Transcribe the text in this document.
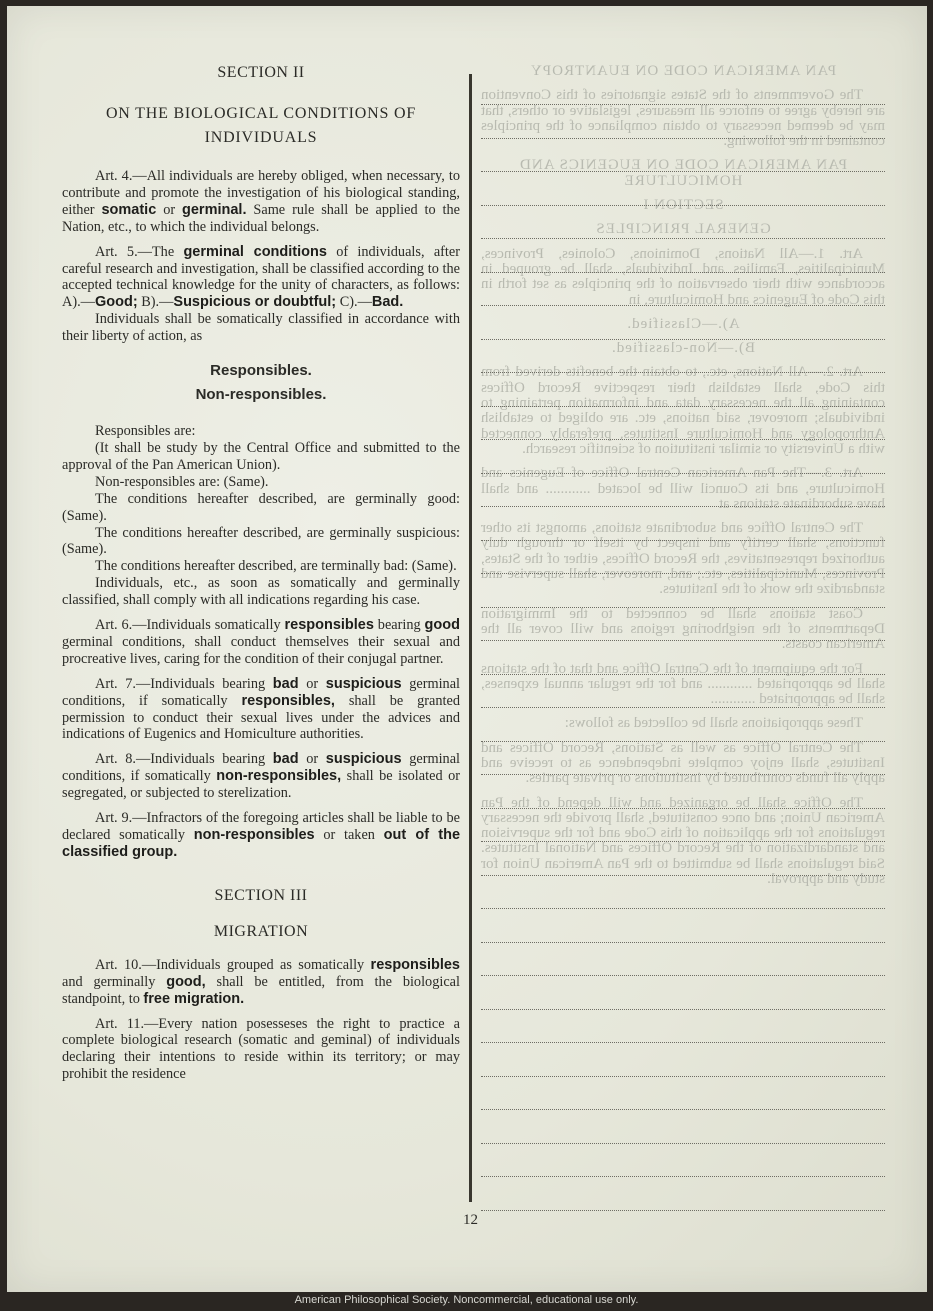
SECTION II
ON THE BIOLOGICAL CONDITIONS OF
INDIVIDUALS

Art. 4.—All individuals are hereby obliged, when necessary, to contribute and promote the investigation of his biological standing, either somatic or germinal. Same rule shall be applied to the Nation, etc., to which the individual belongs.

Art. 5.—The germinal conditions of individuals, after careful research and investigation, shall be classified according to the accepted technical knowledge for the unity of characters, as follows: A).—Good; B).—Suspicious or doubtful; C).—Bad.

Individuals shall be somatically classified in accordance with their liberty of action, as

Responsibles.
Non-responsibles.

Responsibles are:

(It shall be study by the Central Office and submitted to the approval of the Pan American Union).

Non-responsibles are: (Same).

The conditions hereafter described, are germinally good: (Same).

The conditions hereafter described, are germinally suspicious: (Same).

The conditions hereafter described, are terminally bad: (Same).

Individuals, etc., as soon as somatically and germinally classified, shall comply with all indications regarding his case.

Art. 6.—Individuals somatically responsibles bearing good germinal conditions, shall conduct themselves their sexual and procreative lives, caring for the condition of their conjugal partner.

Art. 7.—Individuals bearing bad or suspicious germinal conditions, if somatically responsibles, shall be granted permission to conduct their sexual lives under the advices and indications of Eugenics and Homiculture authorities.

Art. 8.—Individuals bearing bad or suspicious germinal conditions, if somatically non-responsibles, shall be isolated or segregated, or subjected to sterelization.

Art. 9.—Infractors of the foregoing articles shall be liable to be declared somatically non-responsibles or taken out of the classified group.

SECTION III
MIGRATION

Art. 10.—Individuals grouped as somatically responsibles and germinally good, shall be entitled, from the biological standpoint, to free migration.

Art. 11.—Every nation posesseses the right to practice a complete biological research (somatic and geminal) of individuals declaring their intentions to reside within its territory; or may prohibit the residence

PAN AMERICAN CODE ON EUANTROPY

The Governments of the States signatories of this Convention are hereby agree to enforce all measures, legislative or others, that may be deemed necessary to obtain compliance of the principles contained in the following.

PAN AMERICAN CODE ON EUGENICS AND HOMICULTURE

SECTION I

GENERAL PRINCIPLES

Art. 1.—All Nations, Dominions, Colonies, Provinces, Municipalities, Families and Individuals, shall be grouped in accordance with their observation of the principles as set forth in this Code of Eugenics and Homiculture, in

A).—Classified.

B).—Non-classified.

Art. 2.—All Nations, etc., to obtain the benefits derived from this Code, shall establish their respective Record Offices containing all the necessary data and information pertaining to individuals; moreover, said nations, etc. are obliged to establish Anthropology and Homiculture Institutes, preferably connected with a University or similar institution of scientific research.

Art. 3.—The Pan American Central Office of Eugenics and Homiculture, and its Council will be located ............ and shall have subordinate stations at

The Central Office and subordinate stations, amongst its other functions, shall certify and inspect by itself or through duly authorized representatives, the Record Offices, either of the States, Provinces, Municipalities, etc.; and, moreover, shall supervise and standardize the work of the Institutes.

Coast stations shall be connected to the Immigration Departments of the neighboring regions and will cover all the American coasts.

For the equipment of the Central Office and that of the stations shall be appropriated ............ and for the regular annual expenses, shall be appropriated ............

These appropiations shall be collected as follows:

The Central Office as well as Stations, Record Offices and Institutes, shall enjoy complete independence as to receive and apply all funds contributed by institutions or private parties.

The Office shall be organized and will depend of the Pan American Union; and once constituted, shall provide the necessary regulations for the application of this Code and for the supervision and standardization of the Record Offices and National Institutes. Said regulations shall be submitted to the Pan American Union for study and approval.

12
American Philosophical Society. Noncommercial, educational use only.
